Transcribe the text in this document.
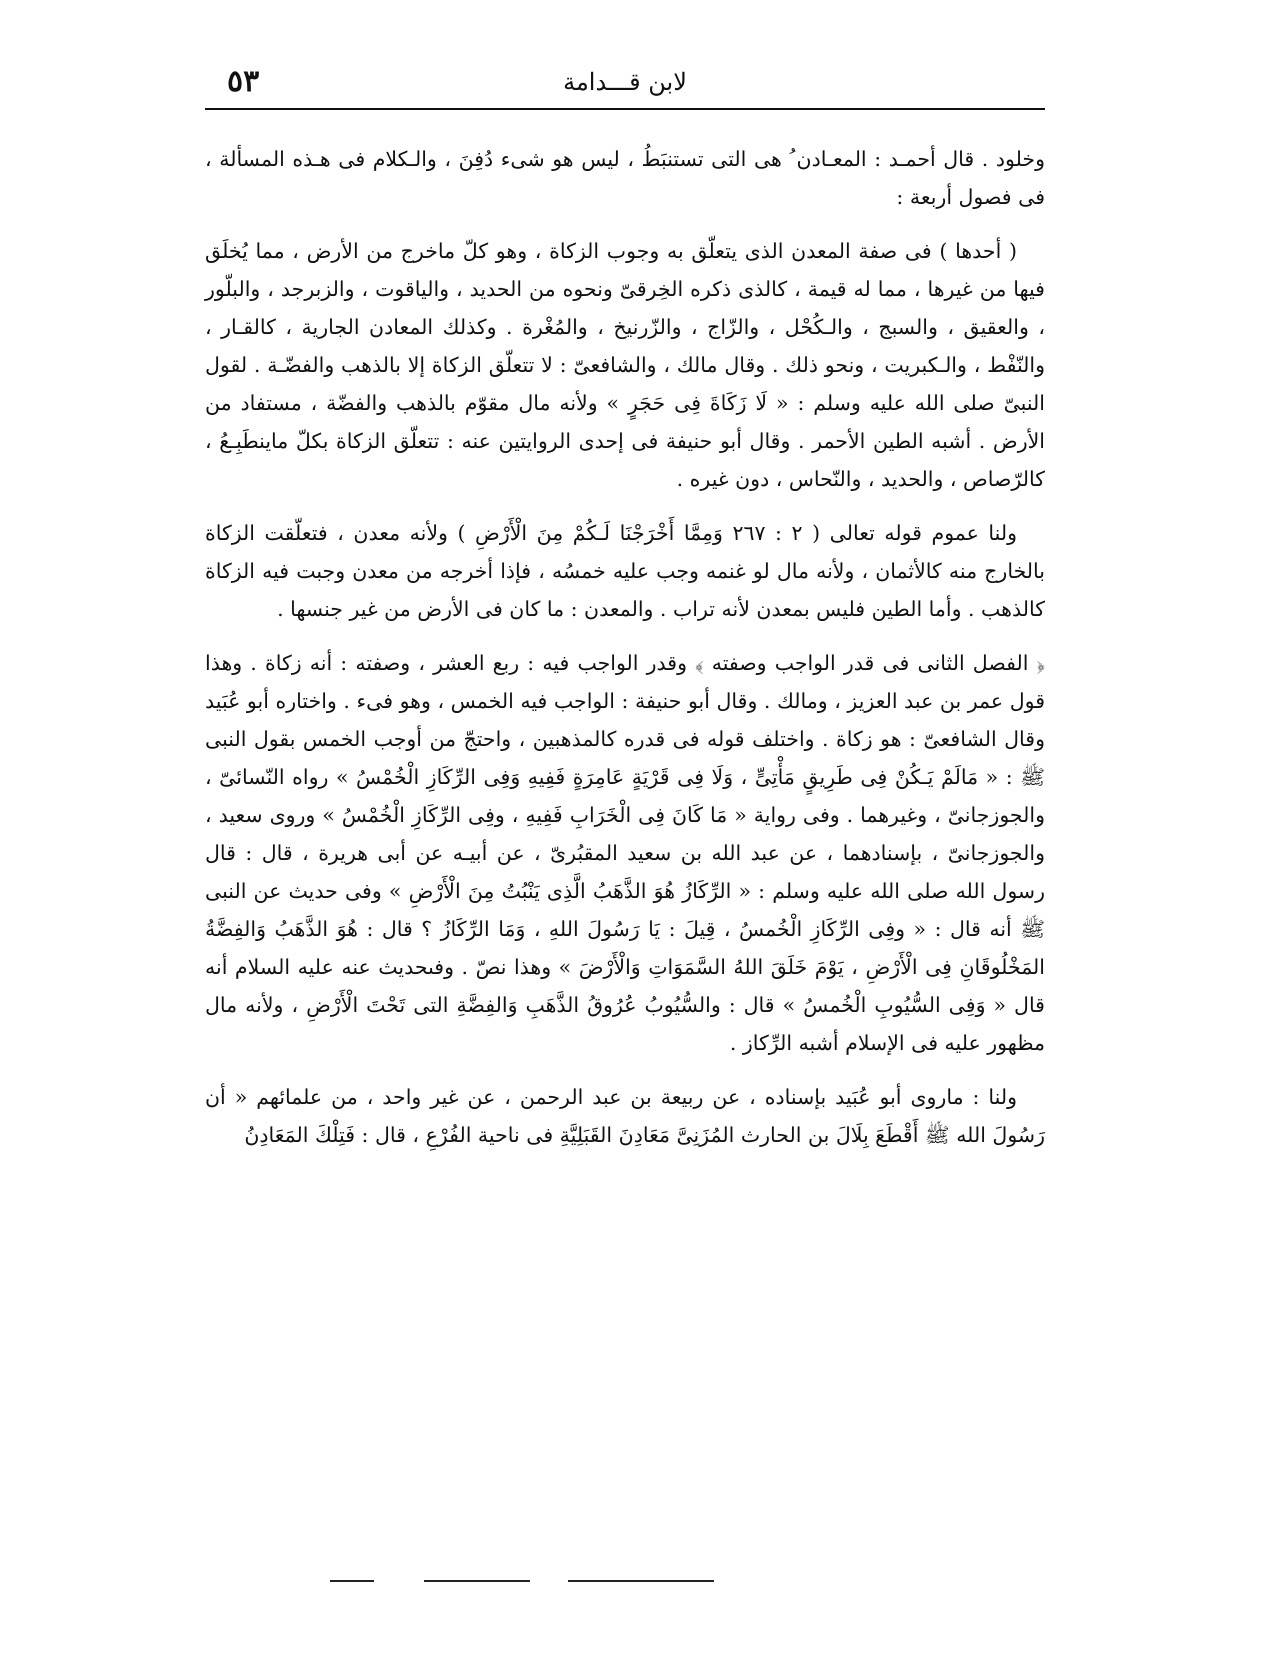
٥٣	لابن قـــدامة

وخلود . قال أحمـد : المعـادن ُ هى التى تستنبَطُ ، ليس هو شىء دُفِنَ ، والـكلام فى هـذه المسألة ، فى فصول أربعة :

( أحدها ) فى صفة المعدن الذى يتعلّق به وجوب الزكاة ، وهو كلّ ماخرج من الأرض ، مما يُخلَق فيها من غيرها ، مما له قيمة ، كالذى ذكره الخِرقىّ ونحوه من الحديد ، والياقوت ، والزبرجد ، والبلّور ، والعقيق ، والسبج ، والـكُحْل ، والزّاج ، والزّرنيخ ، والمُغْرة . وكذلك المعادن الجارية ، كالقـار ، والنّفْط ، والـكبريت ، ونحو ذلك . وقال مالك ، والشافعىّ : لا تتعلّق الزكاة إلا بالذهب والفضّـة . لقول النبىّ صلى الله عليه وسلم : « لَا زَكَاةَ فِى حَجَرٍ » ولأنه مال مقوّم بالذهب والفضّة ، مستفاد من الأرض . أشبه الطين الأحمر . وقال أبو حنيفة فى إحدى الروايتين عنه : تتعلّق الزكاة بكلّ ماينطَبِـعُ ، كالرّصاص ، والحديد ، والنّحاس ، دون غيره .

ولنا عموم قوله تعالى ( ٢ : ٢٦٧ وَمِمَّا أَخْرَجْنَا لَـكُمْ مِنَ الْأَرْضِ ) ولأنه معدن ، فتعلّقت الزكاة بالخارج منه كالأثمان ، ولأنه مال لو غنمه وجب عليه خمسُه ، فإذا أخرجه من معدن وجبت فيه الزكاة كالذهب . وأما الطين فليس بمعدن لأنه تراب . والمعدن : ما كان فى الأرض من غير جنسها .

﴿ الفصل الثانى فى قدر الواجب وصفته ﴾ وقدر الواجب فيه : ربع العشر ، وصفته : أنه زكاة . وهذا قول عمر بن عبد العزيز ، ومالك . وقال أبو حنيفة : الواجب فيه الخمس ، وهو فىء . واختاره أبو عُبَيد وقال الشافعىّ : هو زكاة . واختلف قوله فى قدره كالمذهبين ، واحتجّ من أوجب الخمس بقول النبى ﷺ : « مَالَمْ يَـكُنْ فِى طَرِيقٍ مَأْتِىٍّ ، وَلَا فِى قَرْيَةٍ عَامِرَةٍ فَفِيهِ وَفِى الرِّكَازِ الْخُمْسُ » رواه النّسائىّ ، والجوزجانىّ ، وغيرهما . وفى رواية « مَا كَانَ فِى الْخَرَابِ فَفِيهِ ، وفِى الرِّكَازِ الْخُمْسُ » وروى سعيد ، والجوزجانىّ ، بإسنادهما ، عن عبد الله بن سعيد المقبُرىّ ، عن أبيـه عن أبى هريرة ، قال : قال رسول الله صلى الله عليه وسلم : « الرِّكَازُ هُوَ الذَّهَبُ الَّذِى يَنْبُتُ مِنَ الْأَرْضِ » وفى حديث عن النبى ﷺ أنه قال : « وفِى الرِّكَازِ الْخُمسُ ، قِيلَ : يَا رَسُولَ اللهِ ، وَمَا الرِّكَازُ ؟ قال : هُوَ الذَّهَبُ وَالفِضَّةُ المَخْلُوقَانِ فِى الْأَرْضِ ، يَوْمَ خَلَقَ اللهُ السَّمَوَاتِ وَالْأَرْضَ » وهذا نصّ . وفىحديث عنه عليه السلام أنه قال « وَفِى السُّيُوبِ الْخُمسُ » قال : والسُّيُوبُ عُرُوقُ الذَّهَبِ وَالفِضَّةِ التى تَحْتَ الْأَرْضِ ، ولأنه مال مظهور عليه فى الإسلام أشبه الرِّكاز .

ولنا : ماروى أبو عُبَيد بإسناده ، عن ربيعة بن عبد الرحمن ، عن غير واحد ، من علمائهم « أن رَسُولَ الله ﷺ أَقْطَعَ بِلَالَ بن الحارث المُزَنِىَّ مَعَادِنَ القَبَلِيَّةِ فى ناحية الفُرْعِ ، قال : فَتِلْكَ المَعَادِنُ
